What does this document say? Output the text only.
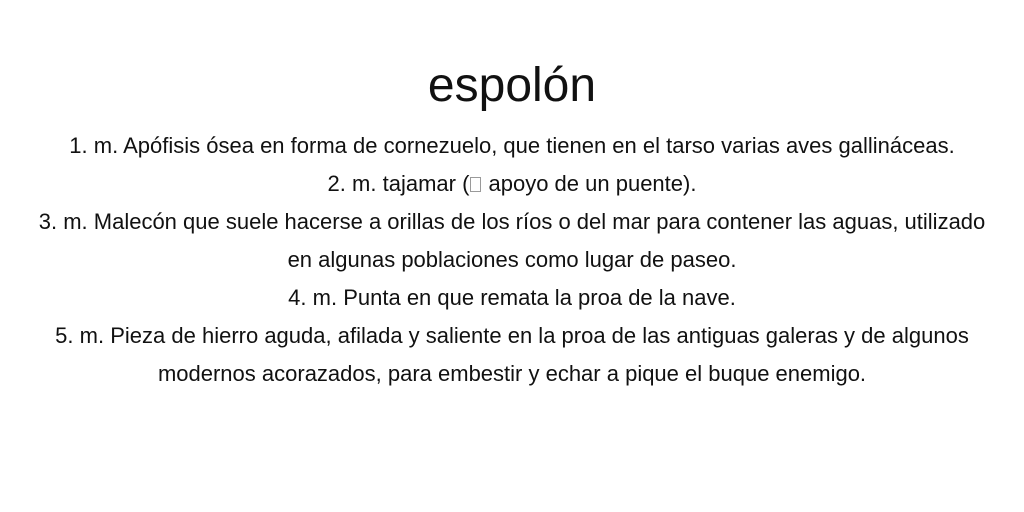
espolón

1. m. Apófisis ósea en forma de cornezuelo, que tienen en el tarso varias aves gallináceas.

2. m. tajamar ( apoyo de un puente).

3. m. Malecón que suele hacerse a orillas de los ríos o del mar para contener las aguas, utilizado en algunas poblaciones como lugar de paseo.

4. m. Punta en que remata la proa de la nave.

5. m. Pieza de hierro aguda, afilada y saliente en la proa de las antiguas galeras y de algunos modernos acorazados, para embestir y echar a pique el buque enemigo.
